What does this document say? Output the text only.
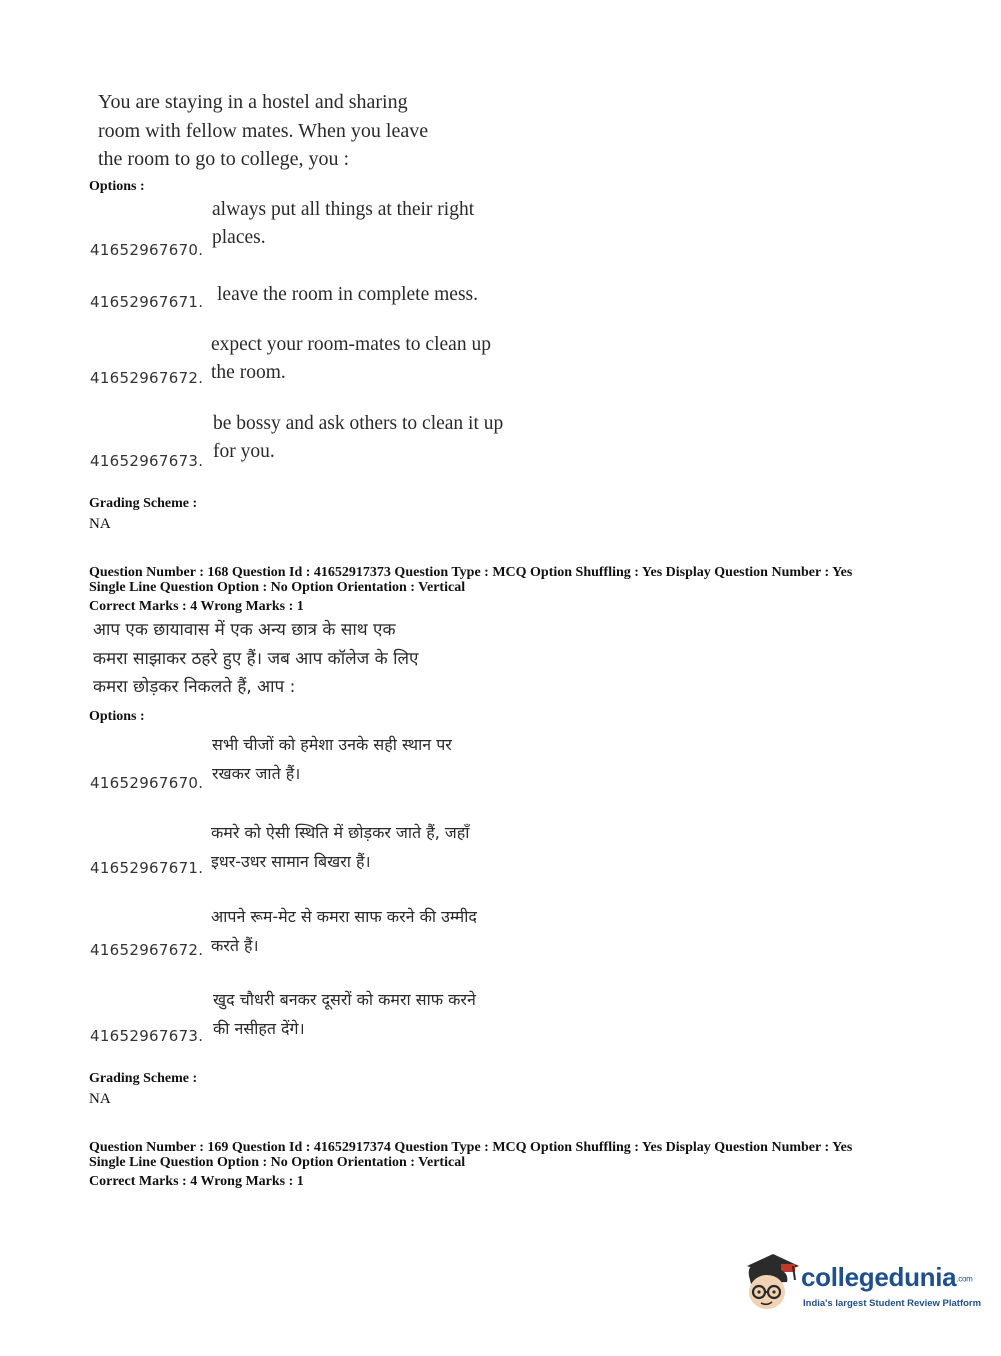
You are staying in a hostel and sharing
room with fellow mates. When you leave
the room to go to college, you :
Options :
always put all things at their right
places.
41652967670.
leave the room in complete mess.
41652967671.
expect your room-mates to clean up
the room.
41652967672.
be bossy and ask others to clean it up
for you.
41652967673.
Grading Scheme :
NA
Question Number : 168 Question Id : 41652917373 Question Type : MCQ Option Shuffling : Yes Display Question Number : Yes
Single Line Question Option : No Option Orientation : Vertical
Correct Marks : 4 Wrong Marks : 1
आप एक छायावास में एक अन्य छात्र के साथ एक
कमरा साझाकर ठहरे हुए हैं। जब आप कॉलेज के लिए
कमरा छोड़कर निकलते हैं, आप :
Options :
सभी चीजों को हमेशा उनके सही स्थान पर
रखकर जाते हैं।
41652967670.
कमरे को ऐसी स्थिति में छोड़कर जाते हैं, जहाँ
इधर-उधर सामान बिखरा हैं।
41652967671.
आपने रूम-मेट से कमरा साफ करने की उम्मीद
करते हैं।
41652967672.
खुद चौधरी बनकर दूसरों को कमरा साफ करने
की नसीहत देंगे।
41652967673.
Grading Scheme :
NA
Question Number : 169 Question Id : 41652917374 Question Type : MCQ Option Shuffling : Yes Display Question Number : Yes
Single Line Question Option : No Option Orientation : Vertical
Correct Marks : 4 Wrong Marks : 1
collegedunia.com
India's largest Student Review Platform
